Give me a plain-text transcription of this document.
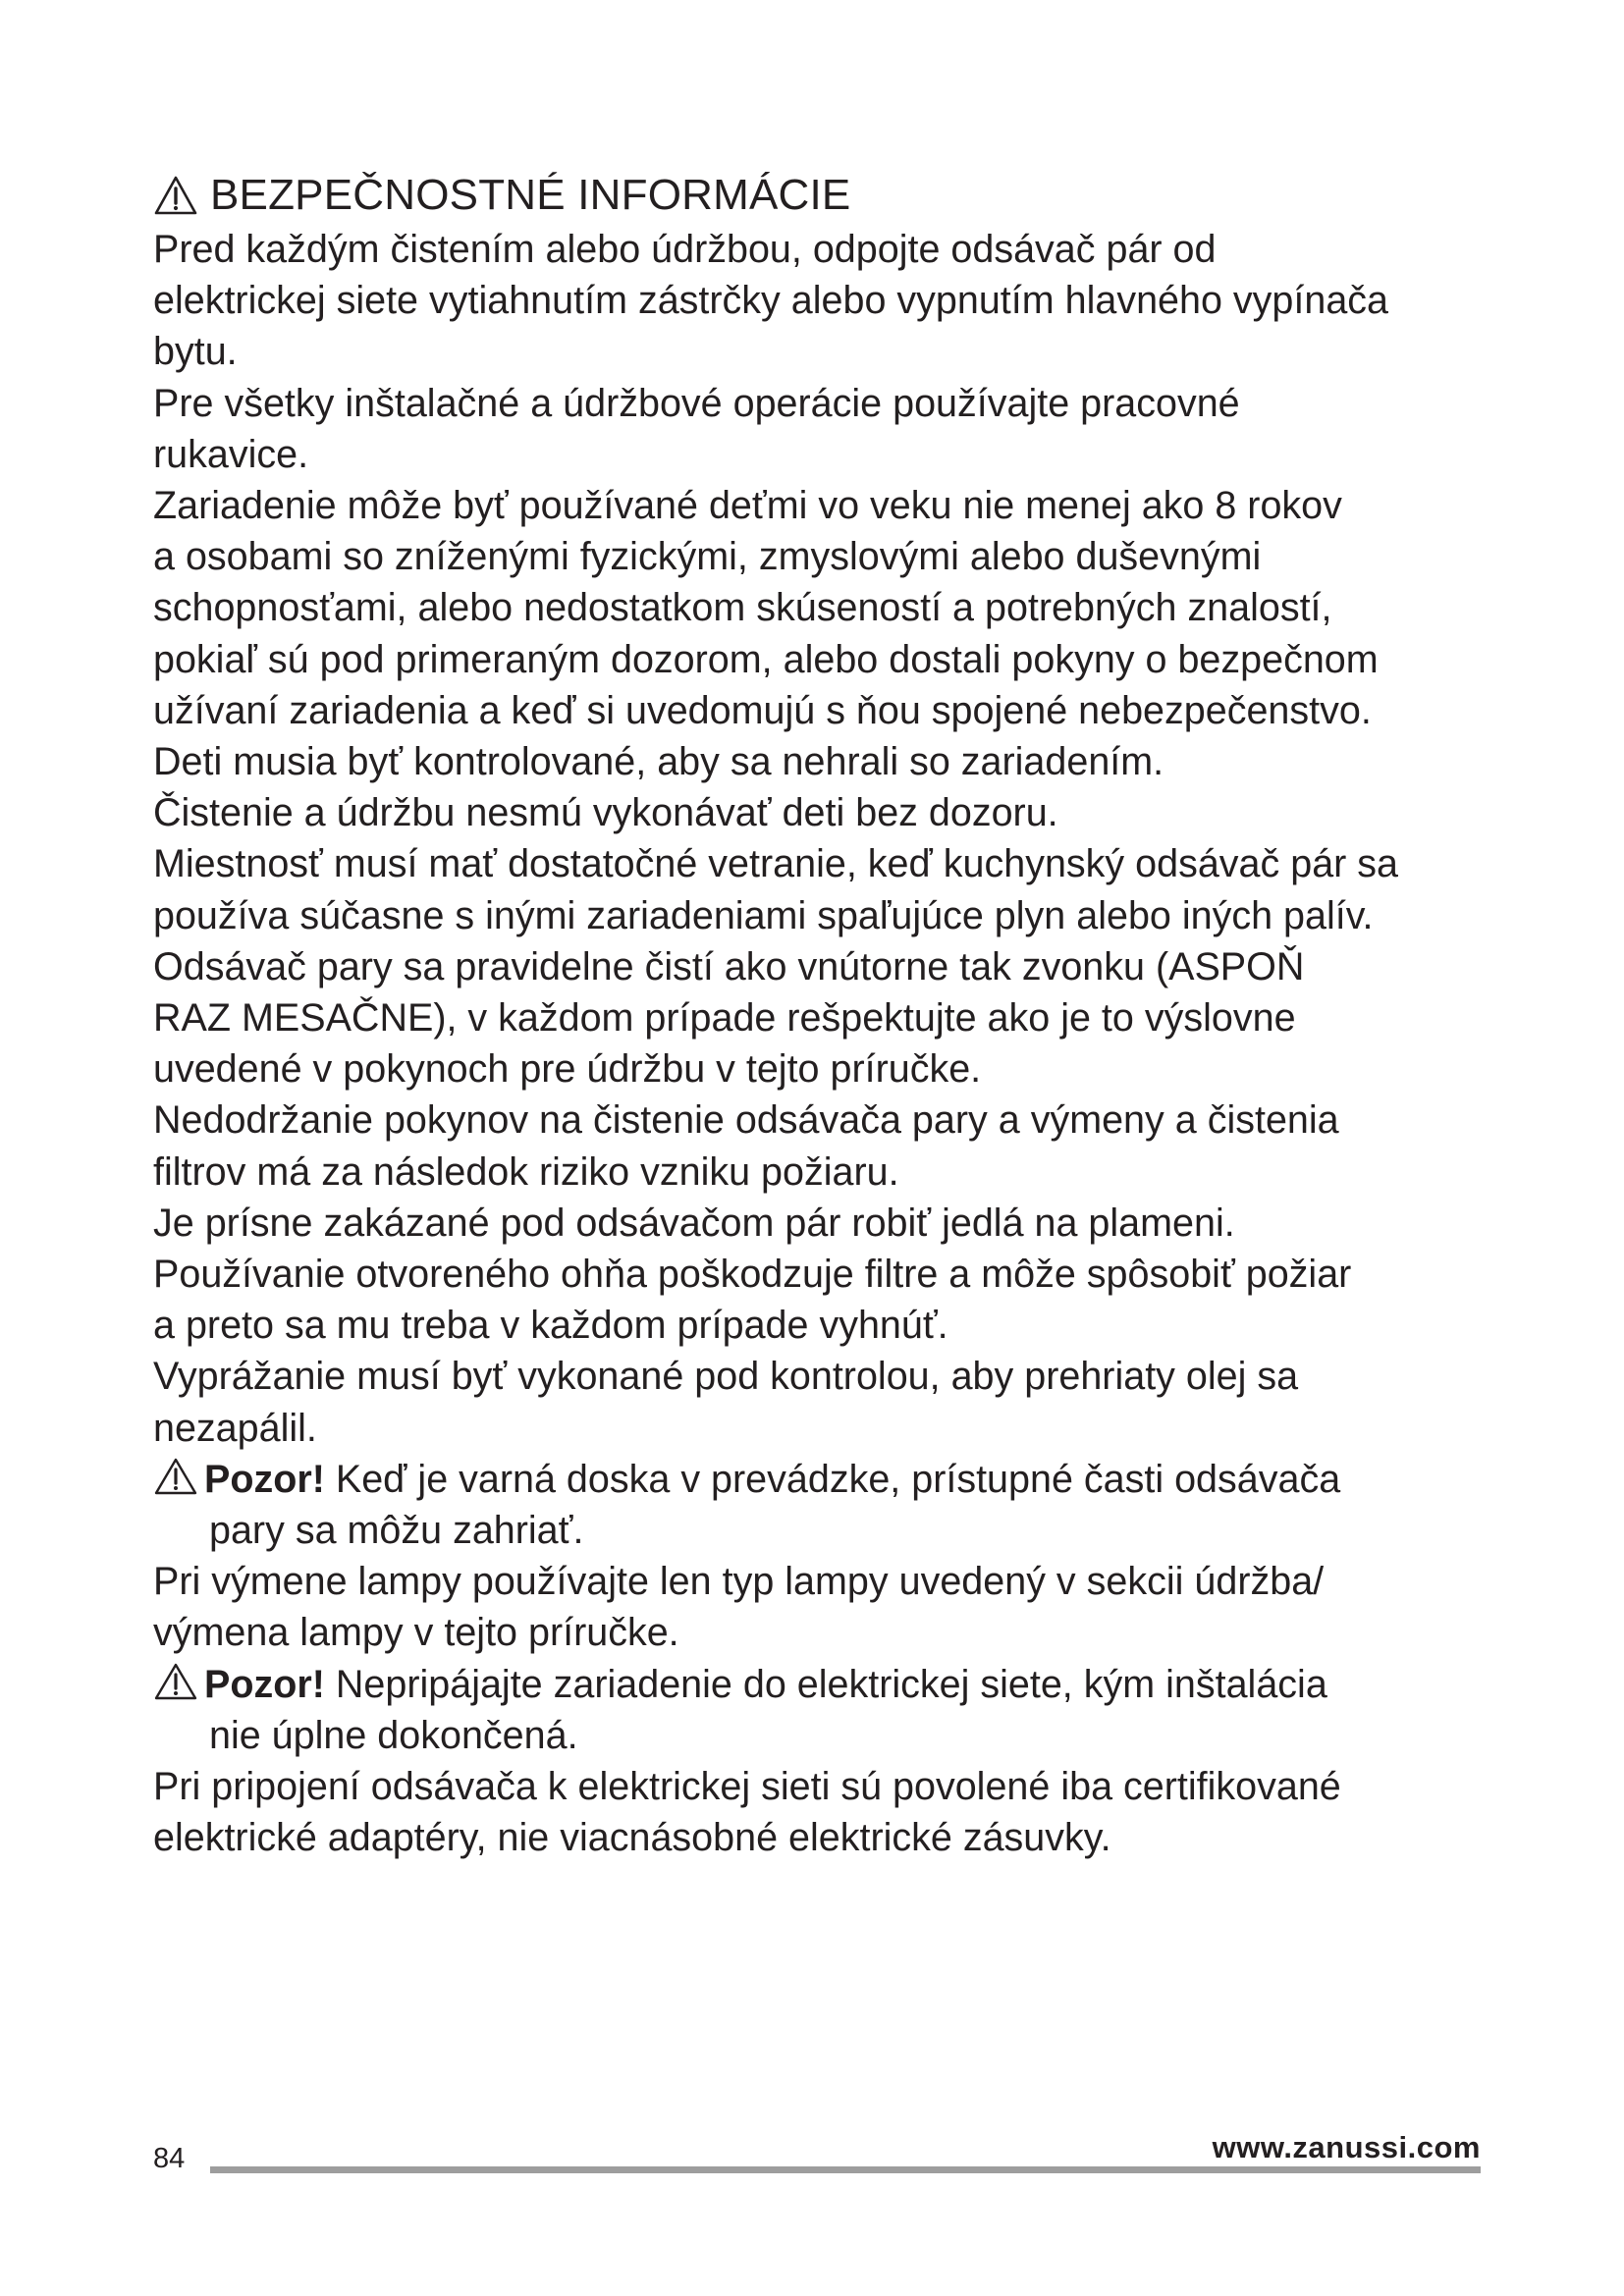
BEZPEČNOSTNÉ INFORMÁCIE

Pred každým čistením alebo údržbou, odpojte odsávač pár od
elektrickej siete vytiahnutím zástrčky alebo vypnutím hlavného vypínača
bytu.

Pre všetky inštalačné a údržbové operácie používajte pracovné
rukavice.

Zariadenie môže byť používané deťmi vo veku nie menej ako 8 rokov
a osobami so zníženými fyzickými, zmyslovými alebo duševnými
schopnosťami, alebo nedostatkom skúseností a potrebných znalostí,
pokiaľ sú pod primeraným dozorom, alebo dostali pokyny o bezpečnom
užívaní zariadenia a keď si uvedomujú s ňou spojené nebezpečenstvo.

Deti musia byť kontrolované, aby sa nehrali so zariadením.

Čistenie a údržbu nesmú vykonávať deti bez dozoru.

Miestnosť musí mať dostatočné vetranie, keď kuchynský odsávač pár sa
používa súčasne s inými zariadeniami spaľujúce plyn alebo iných palív.

Odsávač pary sa pravidelne čistí ako vnútorne tak zvonku (ASPOŇ
RAZ MESAČNE), v každom prípade rešpektujte ako je to výslovne
uvedené v pokynoch pre údržbu v tejto príručke.

Nedodržanie pokynov na čistenie odsávača pary a výmeny a čistenia
filtrov má za následok riziko vzniku požiaru.

Je prísne zakázané pod odsávačom pár robiť jedlá na plameni.

Používanie otvoreného ohňa poškodzuje filtre a môže spôsobiť požiar
a preto sa mu treba v každom prípade vyhnúť.

Vyprážanie musí byť vykonané pod kontrolou, aby prehriaty olej sa
nezapálil.

Pozor! Keď je varná doska v prevádzke, prístupné časti odsávača
pary sa môžu zahriať.

Pri výmene lampy používajte len typ lampy uvedený v sekcii údržba/
výmena lampy v tejto príručke.

Pozor! Nepripájajte zariadenie do elektrickej siete, kým inštalácia
nie úplne dokončená.

Pri pripojení odsávača k elektrickej sieti sú povolené iba certifikované
elektrické adaptéry, nie viacnásobné elektrické zásuvky.

84	www.zanussi.com
